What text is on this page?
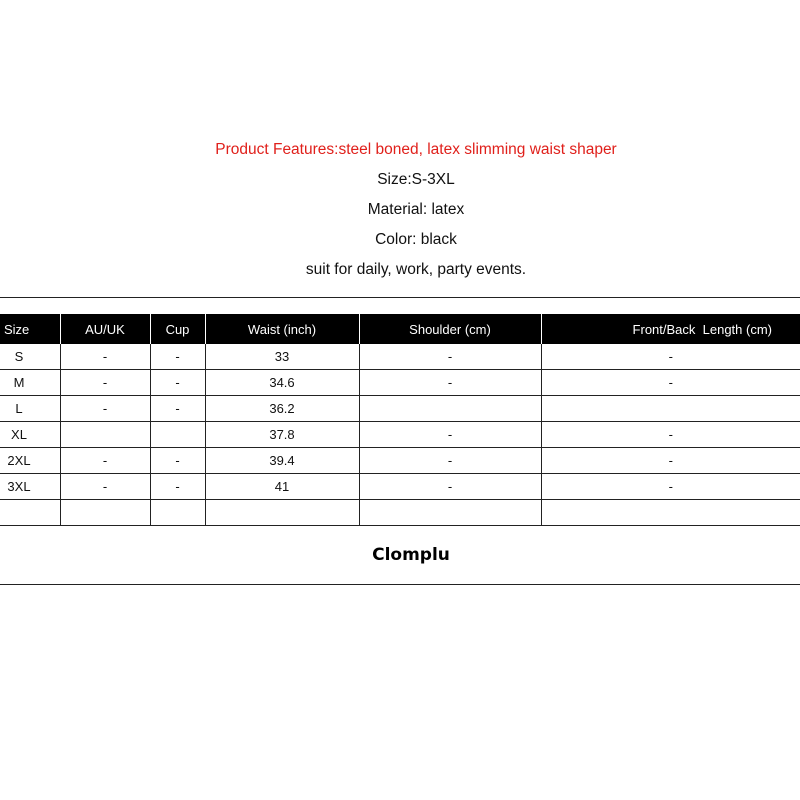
Product Features:steel boned, latex slimming waist shaper
Size:S-3XL
Material: latex
Color: black
suit for daily, work, party events.
Size	AU/UK	Cup	Waist (inch)	Shoulder (cm)	Front/Back  Length (cm)
S	-	-	33	-	-
M	-	-	34.6	-	-
L	-	-	36.2		
XL			37.8	-	-
2XL	-	-	39.4	-	-
3XL	-	-	41	-	-

Clomplu
